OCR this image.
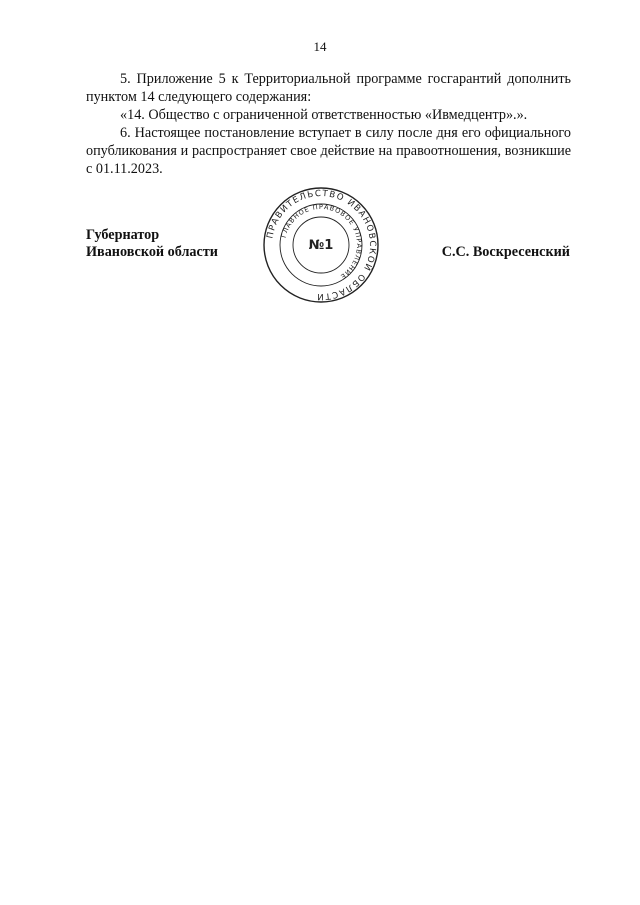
14

5. Приложение 5 к Территориальной программе госгарантий дополнить пунктом 14 следующего содержания:

«14. Общество с ограниченной ответственностью «Ивмедцентр».».

6. Настоящее постановление вступает в силу после дня его официального опубликования и распространяет свое действие на правоотношения, возникшие с 01.11.2023.

Губернатор
Ивановской области	С.С. Воскресенский
ПРАВИТЕЛЬСТВО ИВАНОВСКОЙ ОБЛАСТИ
ГЛАВНОЕ ПРАВОВОЕ УПРАВЛЕНИЕ
№1
